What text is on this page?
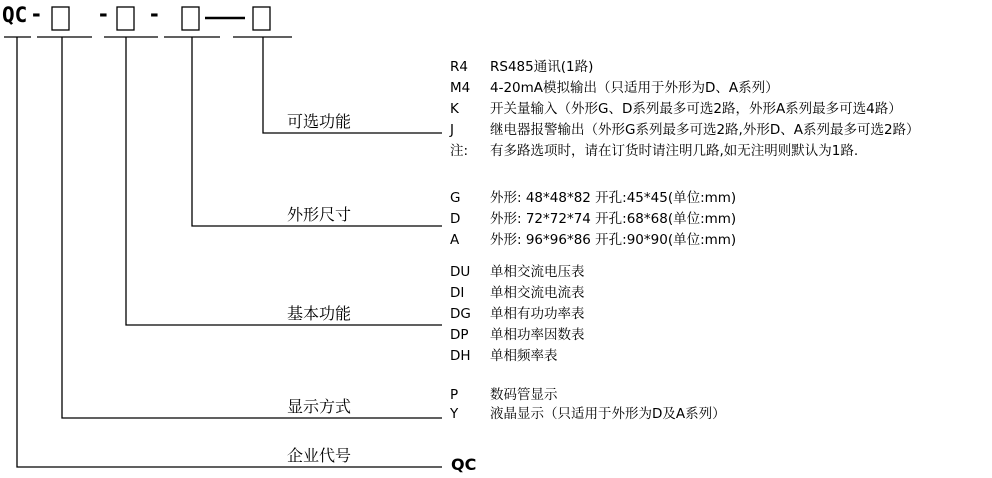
QC -	- -
可选功能
外形尺寸
基本功能
显示方式
企业代号
R4	RS485通讯(1路)
M4	4-20mA模拟输出（只适用于外形为D、A系列）
K	开关量输入（外形G、D系列最多可选2路，外形A系列最多可选4路）
J	继电器报警输出（外形G系列最多可选2路,外形D、A系列最多可选2路）
注:	有多路选项时，请在订货时请注明几路,如无注明则默认为1路.
G	外形: 48*48*82 开孔:45*45(单位:mm)
D	外形: 72*72*74 开孔:68*68(单位:mm)
A	外形: 96*96*86 开孔:90*90(单位:mm)
DU	单相交流电压表
DI	单相交流电流表
DG	单相有功功率表
DP	单相功率因数表
DH	单相频率表
P	数码管显示
Y	液晶显示（只适用于外形为D及A系列）
QC
